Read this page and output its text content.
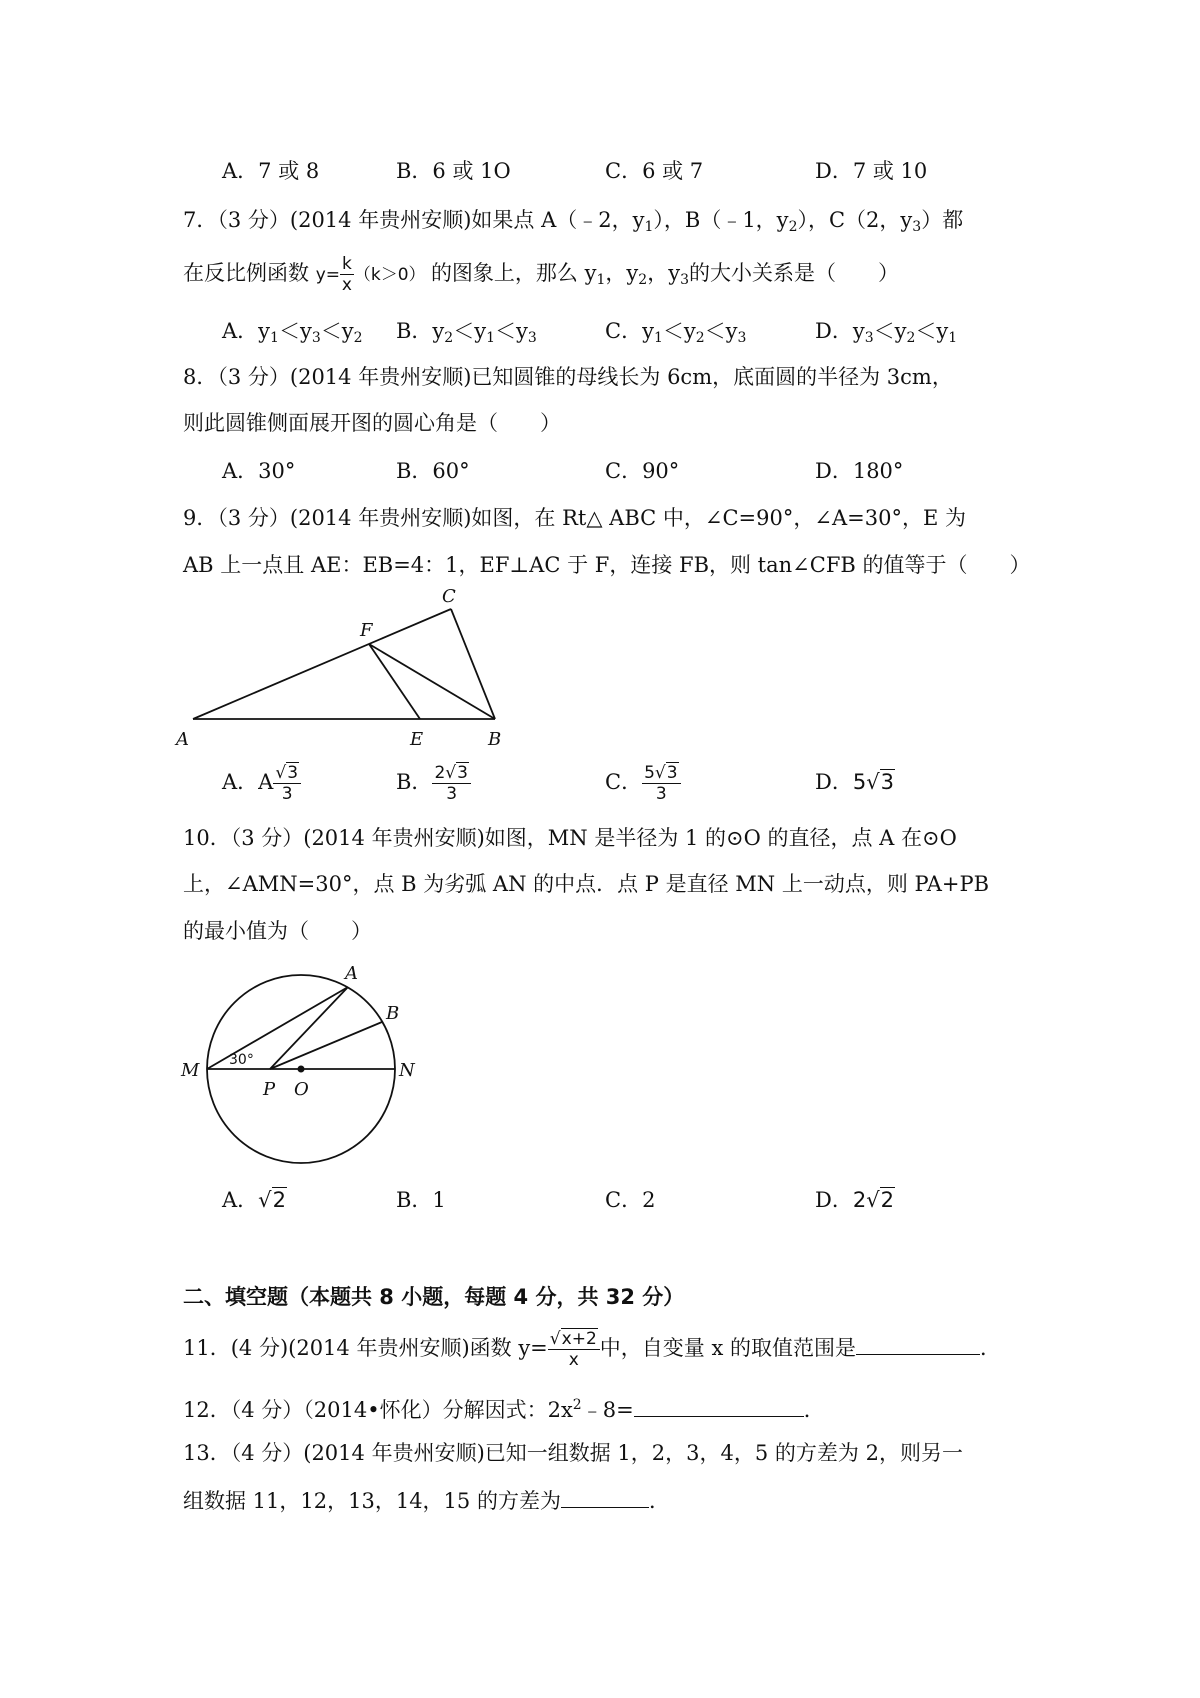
A．7 或 8	B．6 或 1O	C．6 或 7	D．7 或 10
7．（3 分）(2014 年贵州安顺)如果点 A（﹣2，$y_1$），B（﹣1，$y_2$），C（2，$y_3$）都
在反比例函数 $y= \frac{k}{x} (k>0)$ 的图象上，那么 $y_1$，$y_2$，$y_3$的大小关系是（　　）
A．$y_1<y_3<y_2$ B．$y_2<y_1<y_3$	C．$y_1<y_2<y_3$	D．$y_3<y_2<y_1$
8．（3 分）(2014 年贵州安顺)已知圆锥的母线长为 6cm，底面圆的半径为 3cm，
则此圆锥侧面展开图的圆心角是（　　）
A．30°	B．60°	C．90°	D．180°
9．（3 分）(2014 年贵州安顺)如图，在 Rt△ ABC 中，∠C=90°，∠A=30°，E 为
AB 上一点且 AE：EB=4：1，EF⊥AC 于 F，连接 FB，则 tan∠CFB 的值等于（　　）
A	B
C
E
F
A．A $\frac{√3}{3}$	B． $\frac{2√3}{3}$	C． $\frac{5√3}{3}$	D．5√3
10．（3 分）(2014 年贵州安顺)如图，MN 是半径为 1 的⊙O 的直径，点 A 在⊙O
上，∠AMN=30°，点 B 为劣弧 AN 的中点．点 P 是直径 MN 上一动点，则 PA+PB
的最小值为（　　）
M	N
A
B
P O
30°
A．√2	B．1	C．2	D．2√2
二、填空题（本题共 8 小题，每题 4 分，共 32 分）
11．(4 分)(2014 年贵州安顺)函数 $y= \frac{√x+2}{x}$ 中，自变量 x 的取值范围是	．
12．（4 分）（2014•怀化）分解因式：$2x^2﹣8=$	．
13．（4 分）(2014 年贵州安顺)已知一组数据 1，2，3，4，5 的方差为 2，则另一
组数据 11，12，13，14，15 的方差为	．
